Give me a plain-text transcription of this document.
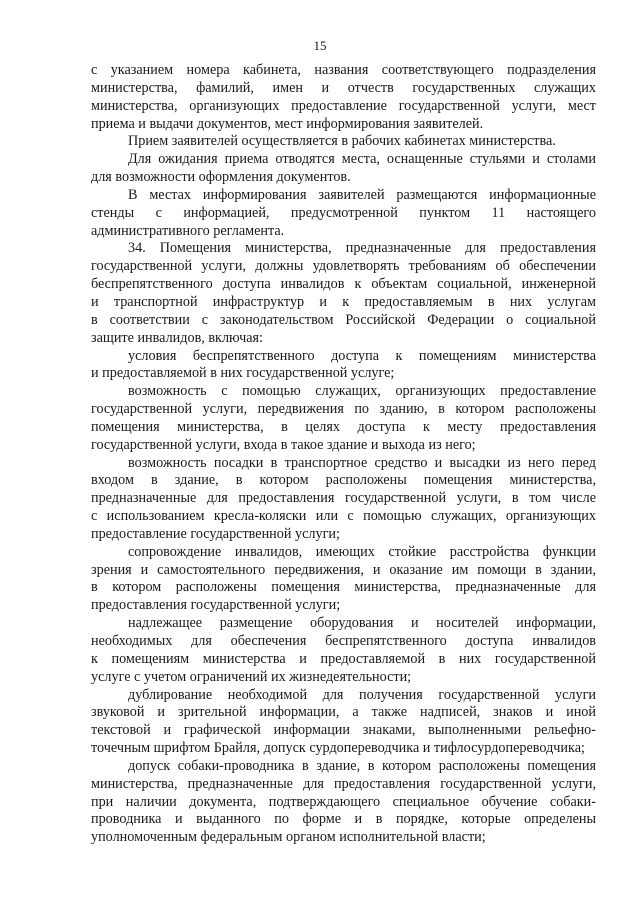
15
с указанием номера кабинета, названия соответствующего подразделения
министерства, фамилий, имен и отчеств государственных служащих
министерства, организующих предоставление государственной услуги, мест
приема и выдачи документов, мест информирования заявителей.
Прием заявителей осуществляется в рабочих кабинетах министерства.
Для ожидания приема отводятся места, оснащенные стульями и столами
для возможности оформления документов.
В местах информирования заявителей размещаются информационные
стенды с информацией, предусмотренной пунктом 11 настоящего
административного регламента.
34. Помещения министерства, предназначенные для предоставления
государственной услуги, должны удовлетворять требованиям об обеспечении
беспрепятственного доступа инвалидов к объектам социальной, инженерной
и транспортной инфраструктур и к предоставляемым в них услугам
в соответствии с законодательством Российской Федерации о социальной
защите инвалидов, включая:
условия беспрепятственного доступа к помещениям министерства
и предоставляемой в них государственной услуге;
возможность с помощью служащих, организующих предоставление
государственной услуги, передвижения по зданию, в котором расположены
помещения министерства, в целях доступа к месту предоставления
государственной услуги, входа в такое здание и выхода из него;
возможность посадки в транспортное средство и высадки из него перед
входом в здание, в котором расположены помещения министерства,
предназначенные для предоставления государственной услуги, в том числе
с использованием кресла-коляски или с помощью служащих, организующих
предоставление государственной услуги;
сопровождение инвалидов, имеющих стойкие расстройства функции
зрения и самостоятельного передвижения, и оказание им помощи в здании,
в котором расположены помещения министерства, предназначенные для
предоставления государственной услуги;
надлежащее размещение оборудования и носителей информации,
необходимых для обеспечения беспрепятственного доступа инвалидов
к помещениям министерства и предоставляемой в них государственной
услуге с учетом ограничений их жизнедеятельности;
дублирование необходимой для получения государственной услуги
звуковой и зрительной информации, а также надписей, знаков и иной
текстовой и графической информации знаками, выполненными рельефно-
точечным шрифтом Брайля, допуск сурдопереводчика и тифлосурдопереводчика;
допуск собаки-проводника в здание, в котором расположены помещения
министерства, предназначенные для предоставления государственной услуги,
при наличии документа, подтверждающего специальное обучение собаки-
проводника и выданного по форме и в порядке, которые определены
уполномоченным федеральным органом исполнительной власти;
